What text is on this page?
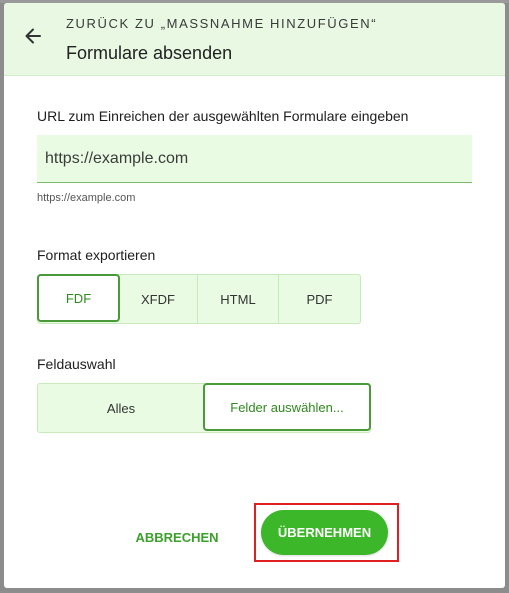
ZURÜCK ZU „MASSNAHME HINZUFÜGEN“
Formulare absenden
URL zum Einreichen der ausgewählten Formulare eingeben
https://example.com
https://example.com
Format exportieren
FDF	XFDF	HTML	PDF
Feldauswahl
Alles	Felder auswählen...
ABBRECHEN	ÜBERNEHMEN
